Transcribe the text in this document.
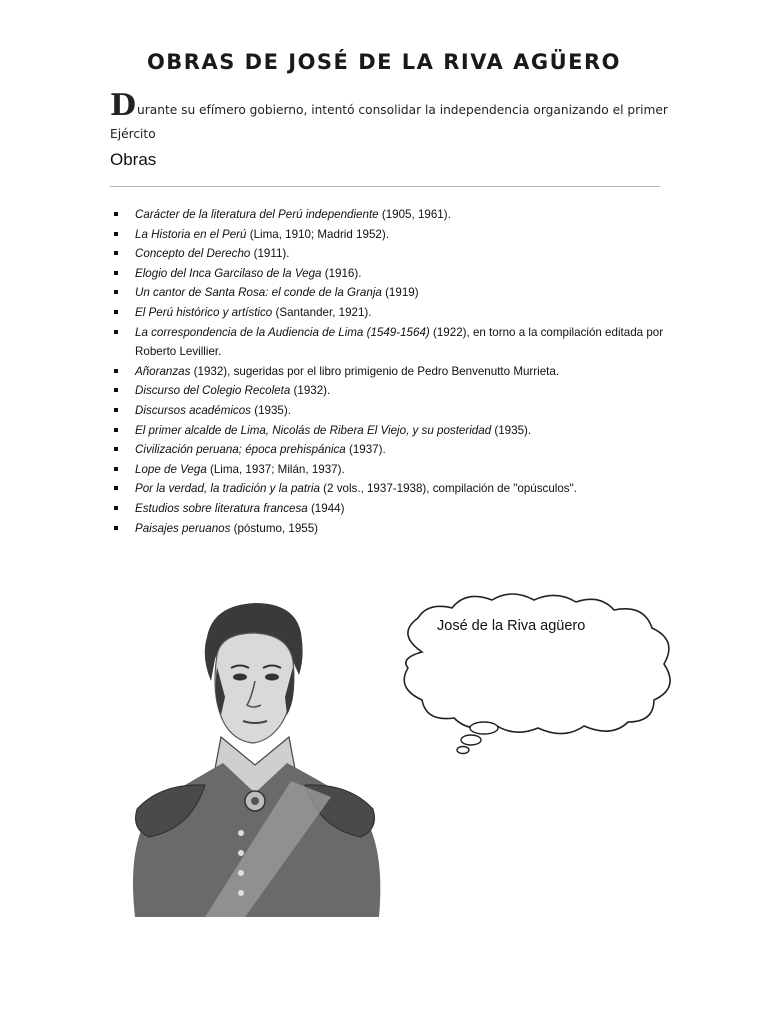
OBRAS DE JOSÉ DE LA RIVA AGÜERO
Durante su efímero gobierno, intentó consolidar la independencia organizando el primer Ejército
Obras
Carácter de la literatura del Perú independiente (1905, 1961).
La Historia en el Perú (Lima, 1910; Madrid 1952).
Concepto del Derecho (1911).
Elogio del Inca Garcilaso de la Vega (1916).
Un cantor de Santa Rosa: el conde de la Granja (1919)
El Perú histórico y artístico (Santander, 1921).
La correspondencia de la Audiencia de Lima (1549-1564) (1922), en torno a la compilación editada por Roberto Levillier.
Añoranzas (1932), sugeridas por el libro primigenio de Pedro Benvenutto Murrieta.
Discurso del Colegio Recoleta (1932).
Discursos académicos (1935).
El primer alcalde de Lima, Nicolás de Ribera El Viejo, y su posteridad (1935).
Civilización peruana; época prehispánica (1937).
Lope de Vega (Lima, 1937; Milán, 1937).
Por la verdad, la tradición y la patria (2 vols., 1937-1938), compilación de "opúsculos".
Estudios sobre literatura francesa (1944)
Paisajes peruanos (póstumo, 1955)
José de la Riva agüero
